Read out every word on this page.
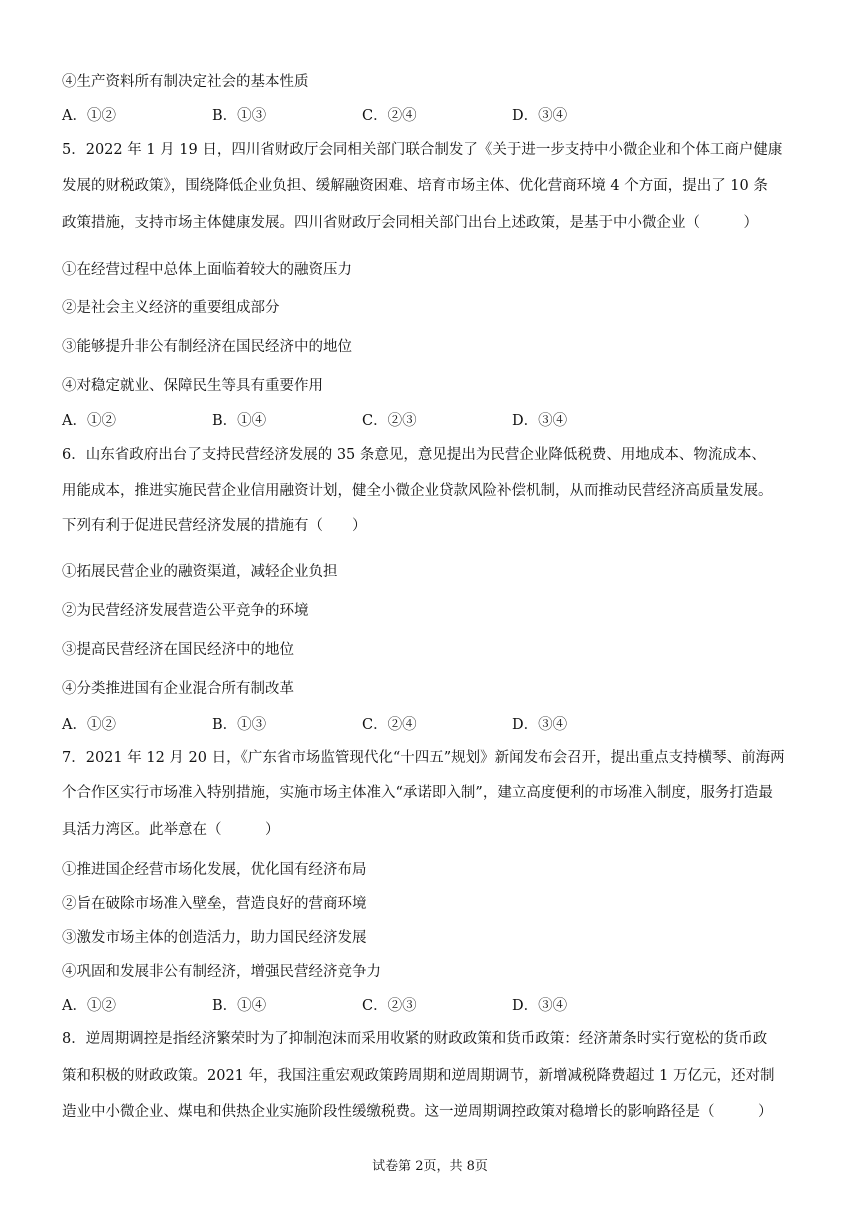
④生产资料所有制决定社会的基本性质
A．①②	B．①③	C．②④	D．③④
5．2022 年 1 月 19 日，四川省财政厅会同相关部门联合制发了《关于进一步支持中小微企业和个体工商户健康
发展的财税政策》，围绕降低企业负担、缓解融资困难、培育市场主体、优化营商环境 4 个方面，提出了 10 条
政策措施，支持市场主体健康发展。四川省财政厅会同相关部门出台上述政策，是基于中小微企业（　　　）
①在经营过程中总体上面临着较大的融资压力
②是社会主义经济的重要组成部分
③能够提升非公有制经济在国民经济中的地位
④对稳定就业、保障民生等具有重要作用
A．①②	B．①④	C．②③	D．③④
6．山东省政府出台了支持民营经济发展的 35 条意见，意见提出为民营企业降低税费、用地成本、物流成本、
用能成本，推进实施民营企业信用融资计划，健全小微企业贷款风险补偿机制，从而推动民营经济高质量发展。
下列有利于促进民营经济发展的措施有（　　）
①拓展民营企业的融资渠道，减轻企业负担
②为民营经济发展营造公平竞争的环境
③提高民营经济在国民经济中的地位
④分类推进国有企业混合所有制改革
A．①②	B．①③	C．②④	D．③④
7．2021 年 12 月 20 日，《广东省市场监管现代化“十四五”规划》新闻发布会召开，提出重点支持横琴、前海两
个合作区实行市场准入特别措施，实施市场主体准入“承诺即入制”，建立高度便利的市场准入制度，服务打造最
具活力湾区。此举意在（　　　）
①推进国企经营市场化发展，优化国有经济布局
②旨在破除市场准入壁垒，营造良好的营商环境
③激发市场主体的创造活力，助力国民经济发展
④巩固和发展非公有制经济，增强民营经济竞争力
A．①②	B．①④	C．②③	D．③④
8．逆周期调控是指经济繁荣时为了抑制泡沫而采用收紧的财政政策和货币政策：经济萧条时实行宽松的货币政
策和积极的财政政策。2021 年，我国注重宏观政策跨周期和逆周期调节，新增减税降费超过 1 万亿元，还对制
造业中小微企业、煤电和供热企业实施阶段性缓缴税费。这一逆周期调控政策对稳增长的影响路径是（　　　）
试卷第 2页，共 8页
